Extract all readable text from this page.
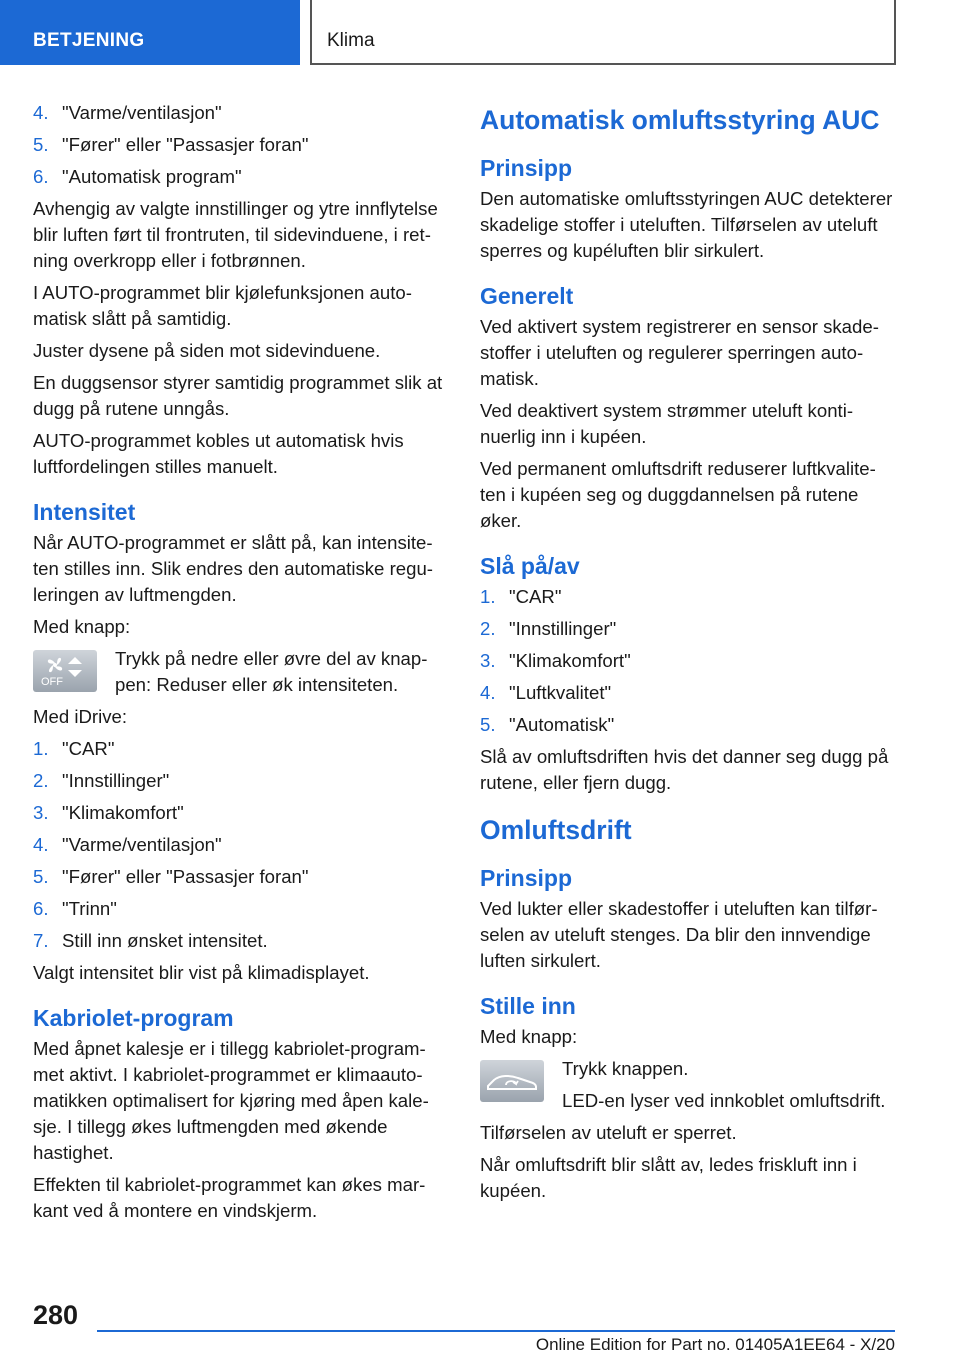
BETJENING	Klima
4. "Varme/ventilasjon"
5. "Fører" eller "Passasjer foran"
6. "Automatisk program"

Avhengig av valgte innstillinger og ytre innflytelse blir luften ført til frontruten, til sidevinduene, i retning overkropp eller i fotbrønnen.

I AUTO-programmet blir kjølefunksjonen automatisk slått på samtidig.

Juster dysene på siden mot sidevinduene.

En duggsensor styrer samtidig programmet slik at dugg på rutene unngås.

AUTO-programmet kobles ut automatisk hvis luftfordelingen stilles manuelt.

Intensitet

Når AUTO-programmet er slått på, kan intensiteten stilles inn. Slik endres den automatiske reguleringen av luftmengden.

Med knapp:

OFF
Trykk på nedre eller øvre del av knappen: Reduser eller øk intensiteten.

Med iDrive:

1. "CAR"
2. "Innstillinger"
3. "Klimakomfort"
4. "Varme/ventilasjon"
5. "Fører" eller "Passasjer foran"
6. "Trinn"
7. Still inn ønsket intensitet.

Valgt intensitet blir vist på klimadisplayet.

Kabriolet-program

Med åpnet kalesje er i tillegg kabriolet-programmet aktivt. I kabriolet-programmet er klimaautomatikken optimalisert for kjøring med åpen kalesje. I tillegg økes luftmengden med økende hastighet.

Effekten til kabriolet-programmet kan økes markant ved å montere en vindskjerm.

Automatisk omluftsstyring AUC
Prinsipp

Den automatiske omluftsstyringen AUC detekterer skadelige stoffer i uteluften. Tilførselen av uteluft sperres og kupéluften blir sirkulert.

Generelt

Ved aktivert system registrerer en sensor skadestoffer i uteluften og regulerer sperringen automatisk.

Ved deaktivert system strømmer uteluft kontinuerlig inn i kupéen.

Ved permanent omluftsdrift reduserer luftkvaliteten i kupéen seg og duggdannelsen på rutene øker.

Slå på/av
1. "CAR"
2. "Innstillinger"
3. "Klimakomfort"
4. "Luftkvalitet"
5. "Automatisk"

Slå av omluftsdriften hvis det danner seg dugg på rutene, eller fjern dugg.

Omluftsdrift
Prinsipp

Ved lukter eller skadestoffer i uteluften kan tilførselen av uteluft stenges. Da blir den innvendige luften sirkulert.

Stille inn

Med knapp:

Trykk knappen.
LED-en lyser ved innkoblet omluftsdrift.

Tilførselen av uteluft er sperret.

Når omluftsdrift blir slått av, ledes friskluft inn i kupéen.

280
Online Edition for Part no. 01405A1EE64 - X/20
